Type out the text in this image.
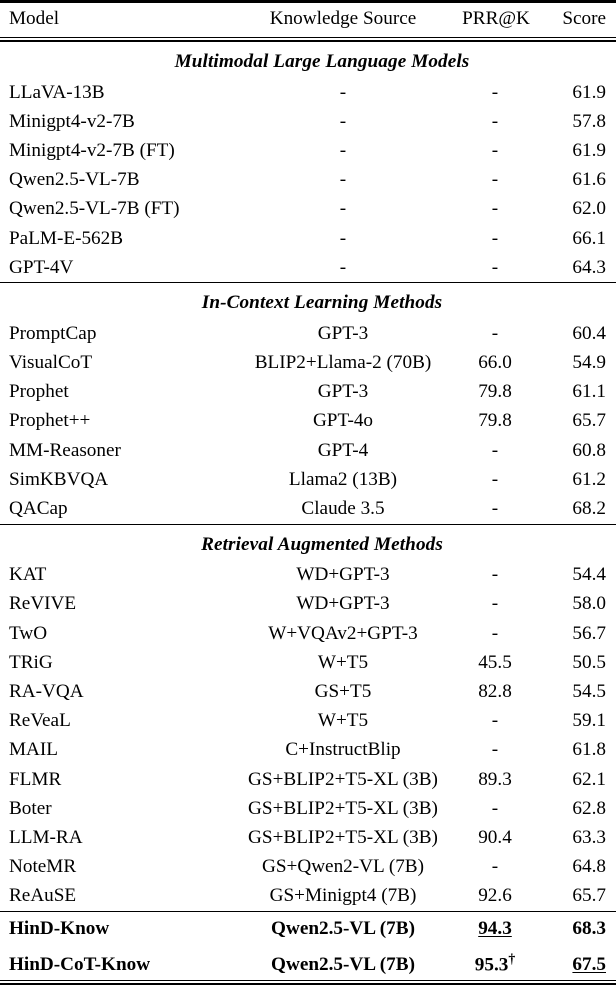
Model	Knowledge Source	PRR@K	Score

Multimodal Large Language Models			
LLaVA-13B	-	-	61.9
Minigpt4-v2-7B	-	-	57.8
Minigpt4-v2-7B (FT)	-	-	61.9
Qwen2.5-VL-7B	-	-	61.6
Qwen2.5-VL-7B (FT)	-	-	62.0
PaLM-E-562B	-	-	66.1
GPT-4V	-	-	64.3

In-Context Learning Methods			
PromptCap	GPT-3	-	60.4
VisualCoT	BLIP2+Llama-2 (70B)	66.0	54.9
Prophet	GPT-3	79.8	61.1
Prophet++	GPT-4o	79.8	65.7
MM-Reasoner	GPT-4	-	60.8
SimKBVQA	Llama2 (13B)	-	61.2
QACap	Claude 3.5	-	68.2

Retrieval Augmented Methods			
KAT	WD+GPT-3	-	54.4
ReVIVE	WD+GPT-3	-	58.0
TwO	W+VQAv2+GPT-3	-	56.7
TRiG	W+T5	45.5	50.5
RA-VQA	GS+T5	82.8	54.5
ReVeaL	W+T5	-	59.1
MAIL	C+InstructBlip	-	61.8
FLMR	GS+BLIP2+T5-XL (3B)	89.3	62.1
Boter	GS+BLIP2+T5-XL (3B)	-	62.8
LLM-RA	GS+BLIP2+T5-XL (3B)	90.4	63.3
NoteMR	GS+Qwen2-VL (7B)	-	64.8
ReAuSE	GS+Minigpt4 (7B)	92.6	65.7

HinD-Know	Qwen2.5-VL (7B)	94.3	68.3
HinD-CoT-Know	Qwen2.5-VL (7B)	95.3†	67.5
